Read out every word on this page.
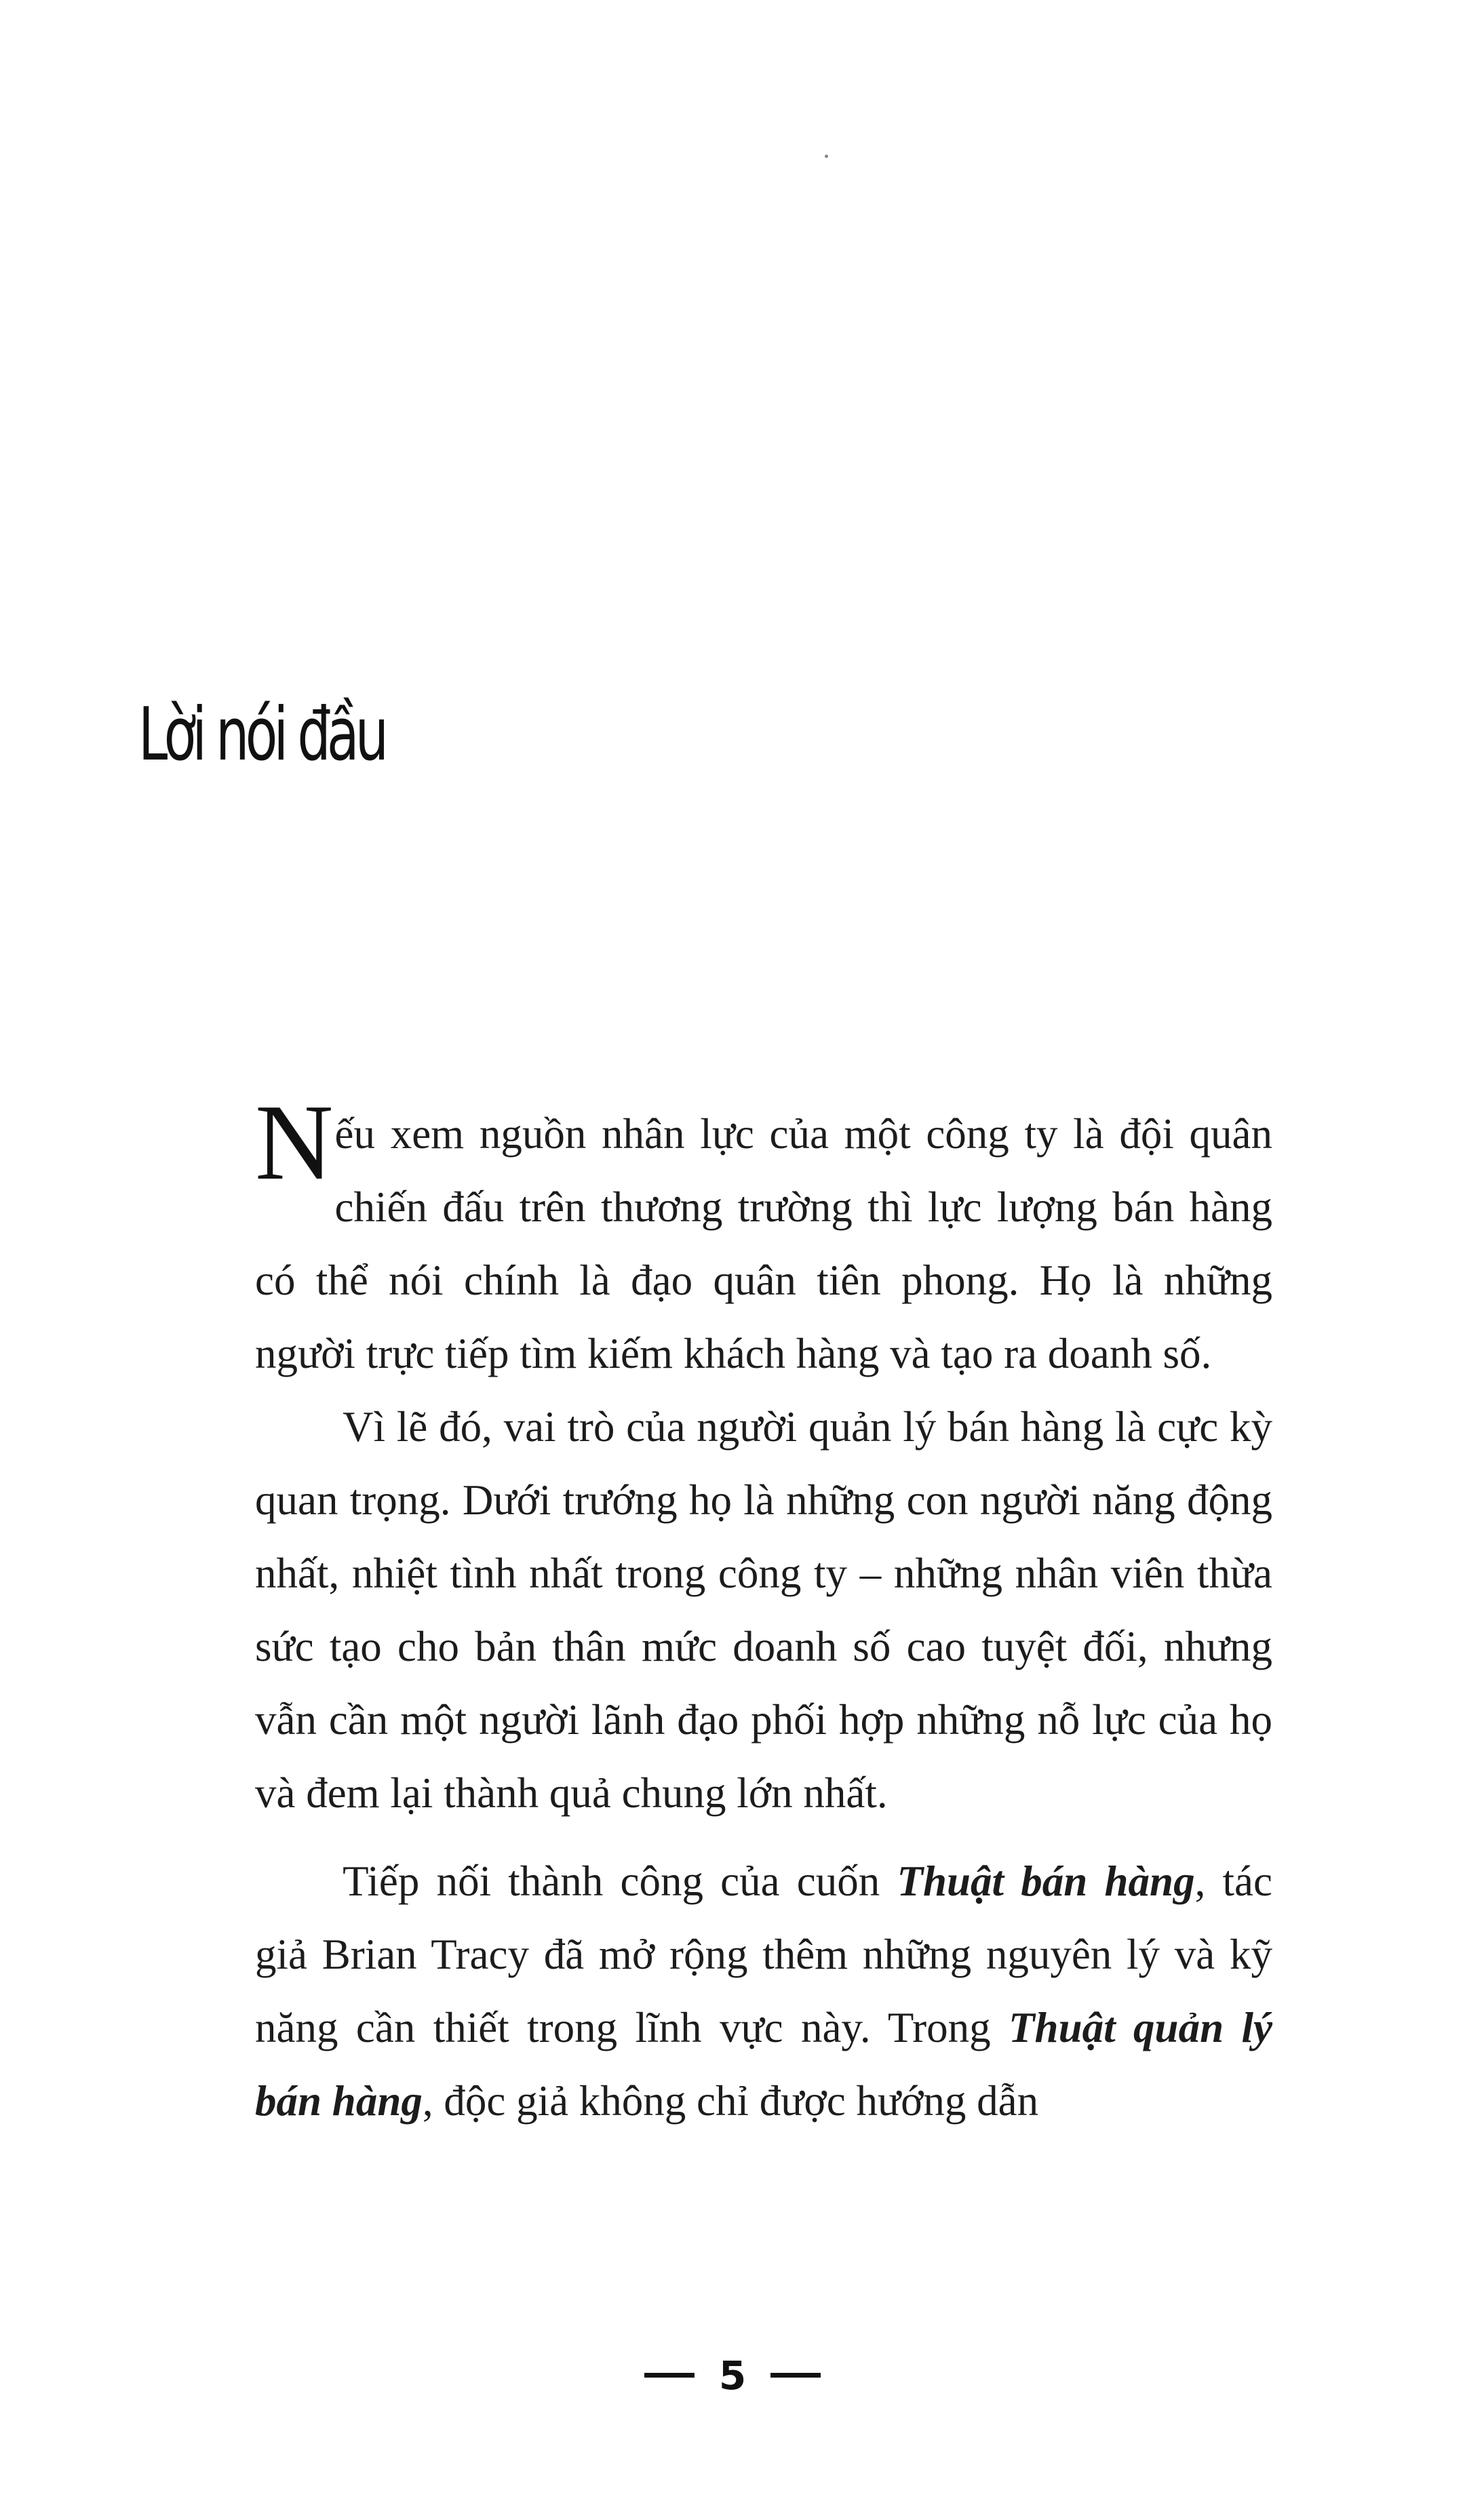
Lời nói đầu

Nếu xem nguồn nhân lực của một công ty là đội quân chiến đấu trên thương trường thì lực lượng bán hàng có thể nói chính là đạo quân tiên phong. Họ là những người trực tiếp tìm kiếm khách hàng và tạo ra doanh số.

Vì lẽ đó, vai trò của người quản lý bán hàng là cực kỳ quan trọng. Dưới trướng họ là những con người năng động nhất, nhiệt tình nhất trong công ty – những nhân viên thừa sức tạo cho bản thân mức doanh số cao tuyệt đối, nhưng vẫn cần một người lãnh đạo phối hợp những nỗ lực của họ và đem lại thành quả chung lớn nhất.

Tiếp nối thành công của cuốn Thuật bán hàng, tác giả Brian Tracy đã mở rộng thêm những nguyên lý và kỹ năng cần thiết trong lĩnh vực này. Trong Thuật quản lý bán hàng, độc giả không chỉ được hướng dẫn

5
